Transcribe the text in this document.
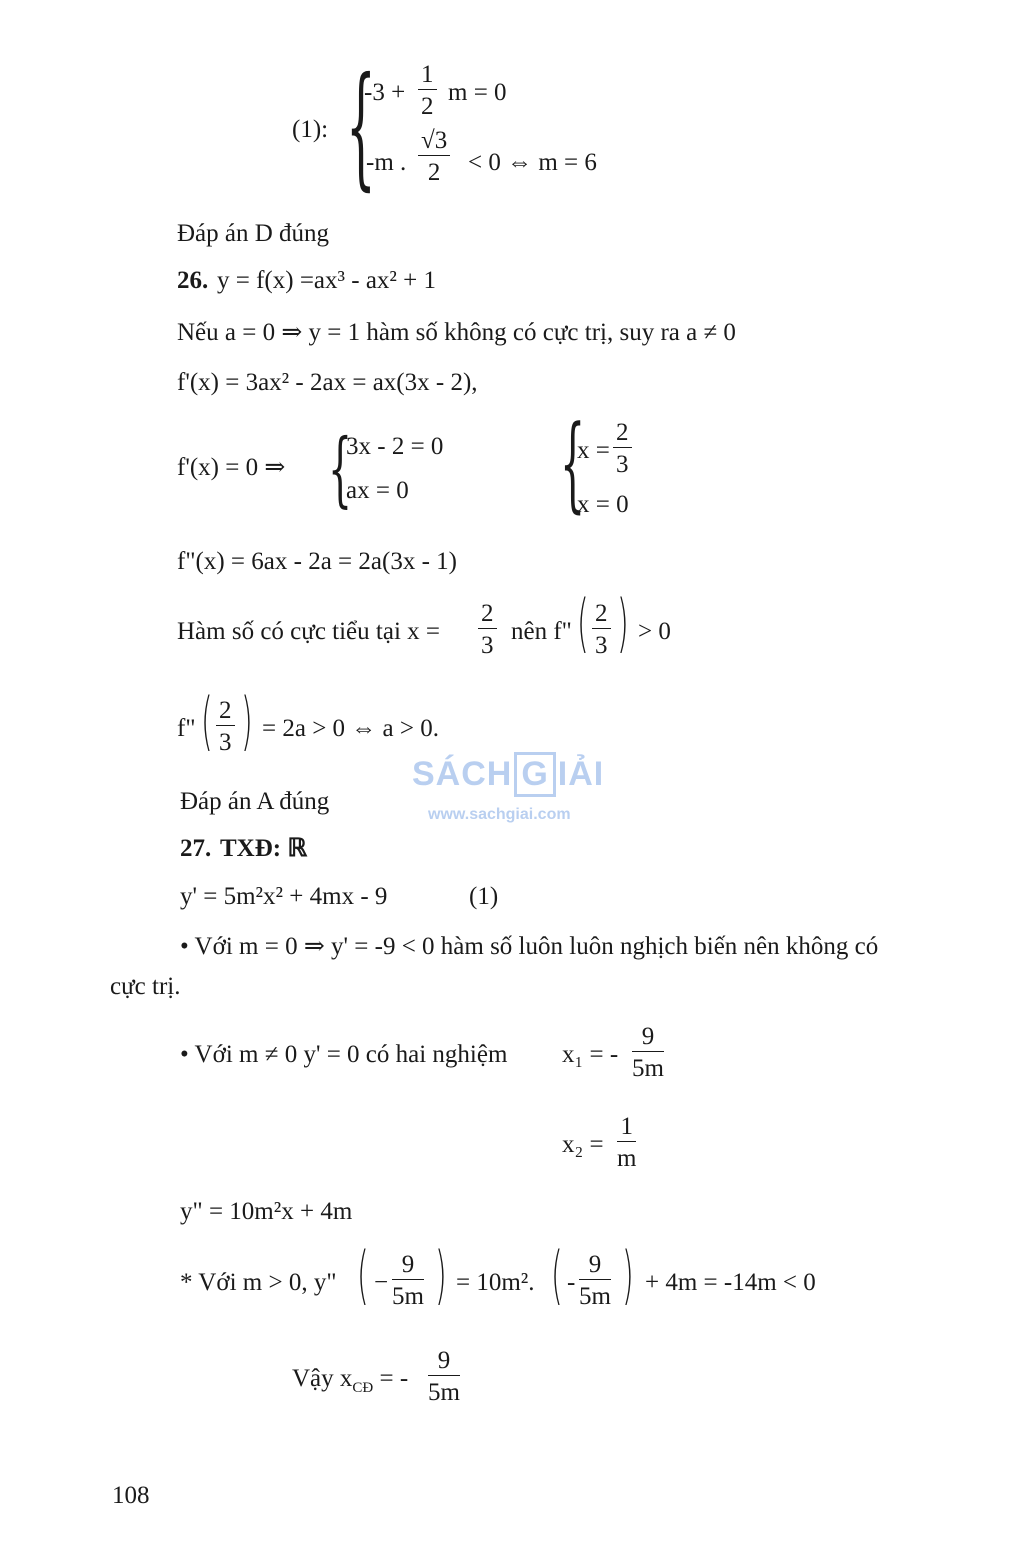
(1): {
$-3 + \frac{1}{2}$ m = 0
-m . $\frac{√3}{2} < 0$ ⇔ m = 6
Đáp án D đúng
26. y = f(x) =ax³ - ax² + 1
Nếu a = 0 ⇒ y = 1 hàm số không có cực trị, suy ra a ≠ 0
f'(x) = 3ax² - 2ax = ax(3x - 2),
f'(x) = 0 ⇒ {
3x - 2 = 0
ax = 0	{
$x = \frac{2}{3}$
x = 0
f"(x) = 6ax - 2a = 2a(3x - 1)
Hàm số có cực tiểu tại $x = \frac{2}{3}$ nên f" ( $\frac{2}{3}$ ) > 0
f" ( $\frac{2}{3}$ ) = 2a > 0 ⇔ a > 0.
SÁCH G IẢI
www.sachgiai.com
Đáp án A đúng
27. TXĐ: ℝ
y' = 5m²x² + 4mx - 9	(1)
• Với m = 0 ⇒ y' = -9 < 0 hàm số luôn luôn nghịch biến nên không có
cực trị.
• Với m ≠ 0 y' = 0 có hai nghiệm x₁ = - $\frac{9}{5m}$
$x_2 = \frac{1}{m}$
y" = 10m²x + 4m
* Với m > 0, y" ( − $\frac{9}{5m}$ ) = 10m². ( - $\frac{9}{5m}$ ) + 4m = -14m < 0
Vậy $x_{CĐ}$ = - $\frac{9}{5m}$
108
